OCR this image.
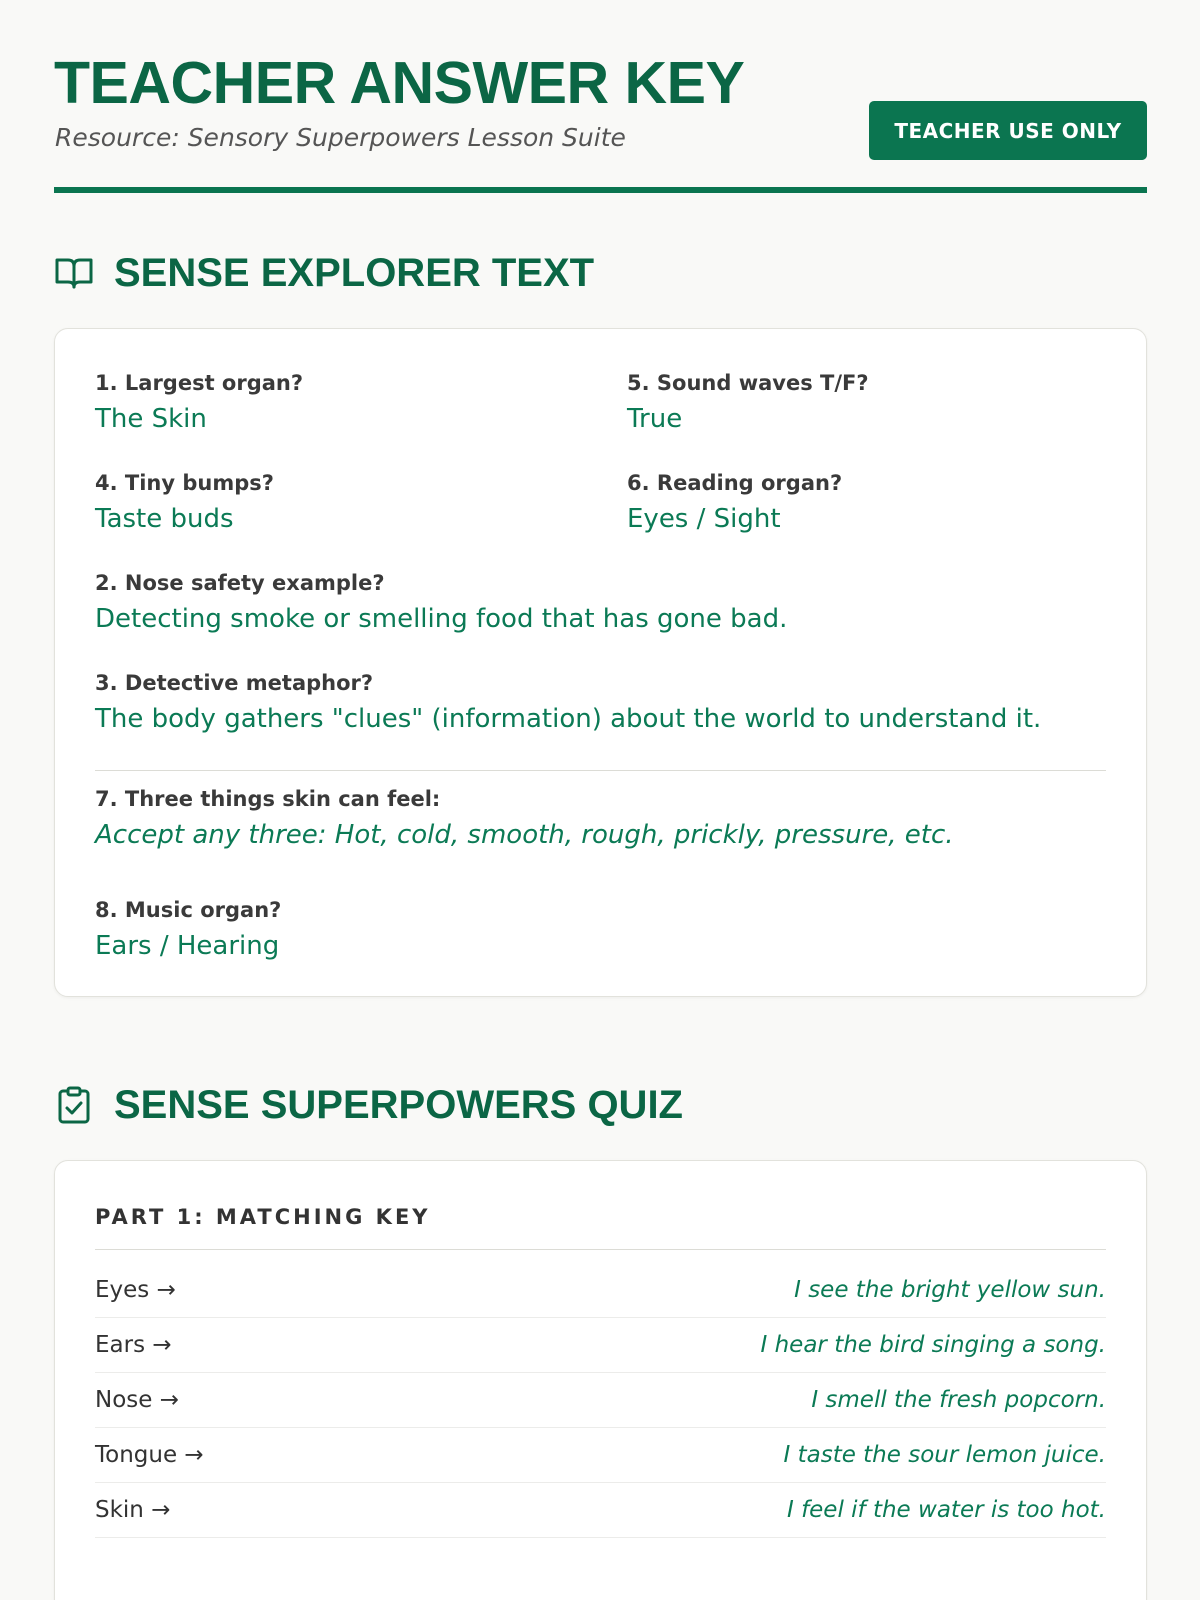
TEACHER ANSWER KEY
Resource: Sensory Superpowers Lesson Suite	TEACHER USE ONLY
SENSE EXPLORER TEXT
1. Largest organ?
The Skin
5. Sound waves T/F?
True
4. Tiny bumps?
Taste buds
6. Reading organ?
Eyes / Sight
2. Nose safety example?
Detecting smoke or smelling food that has gone bad.
3. Detective metaphor?
The body gathers "clues" (information) about the world to understand it.
7. Three things skin can feel:
Accept any three: Hot, cold, smooth, rough, prickly, pressure, etc.
8. Music organ?
Ears / Hearing
SENSE SUPERPOWERS QUIZ
PART 1: MATCHING KEY
Eyes →	I see the bright yellow sun.
Ears →	I hear the bird singing a song.
Nose →	I smell the fresh popcorn.
Tongue →	I taste the sour lemon juice.
Skin →	I feel if the water is too hot.
